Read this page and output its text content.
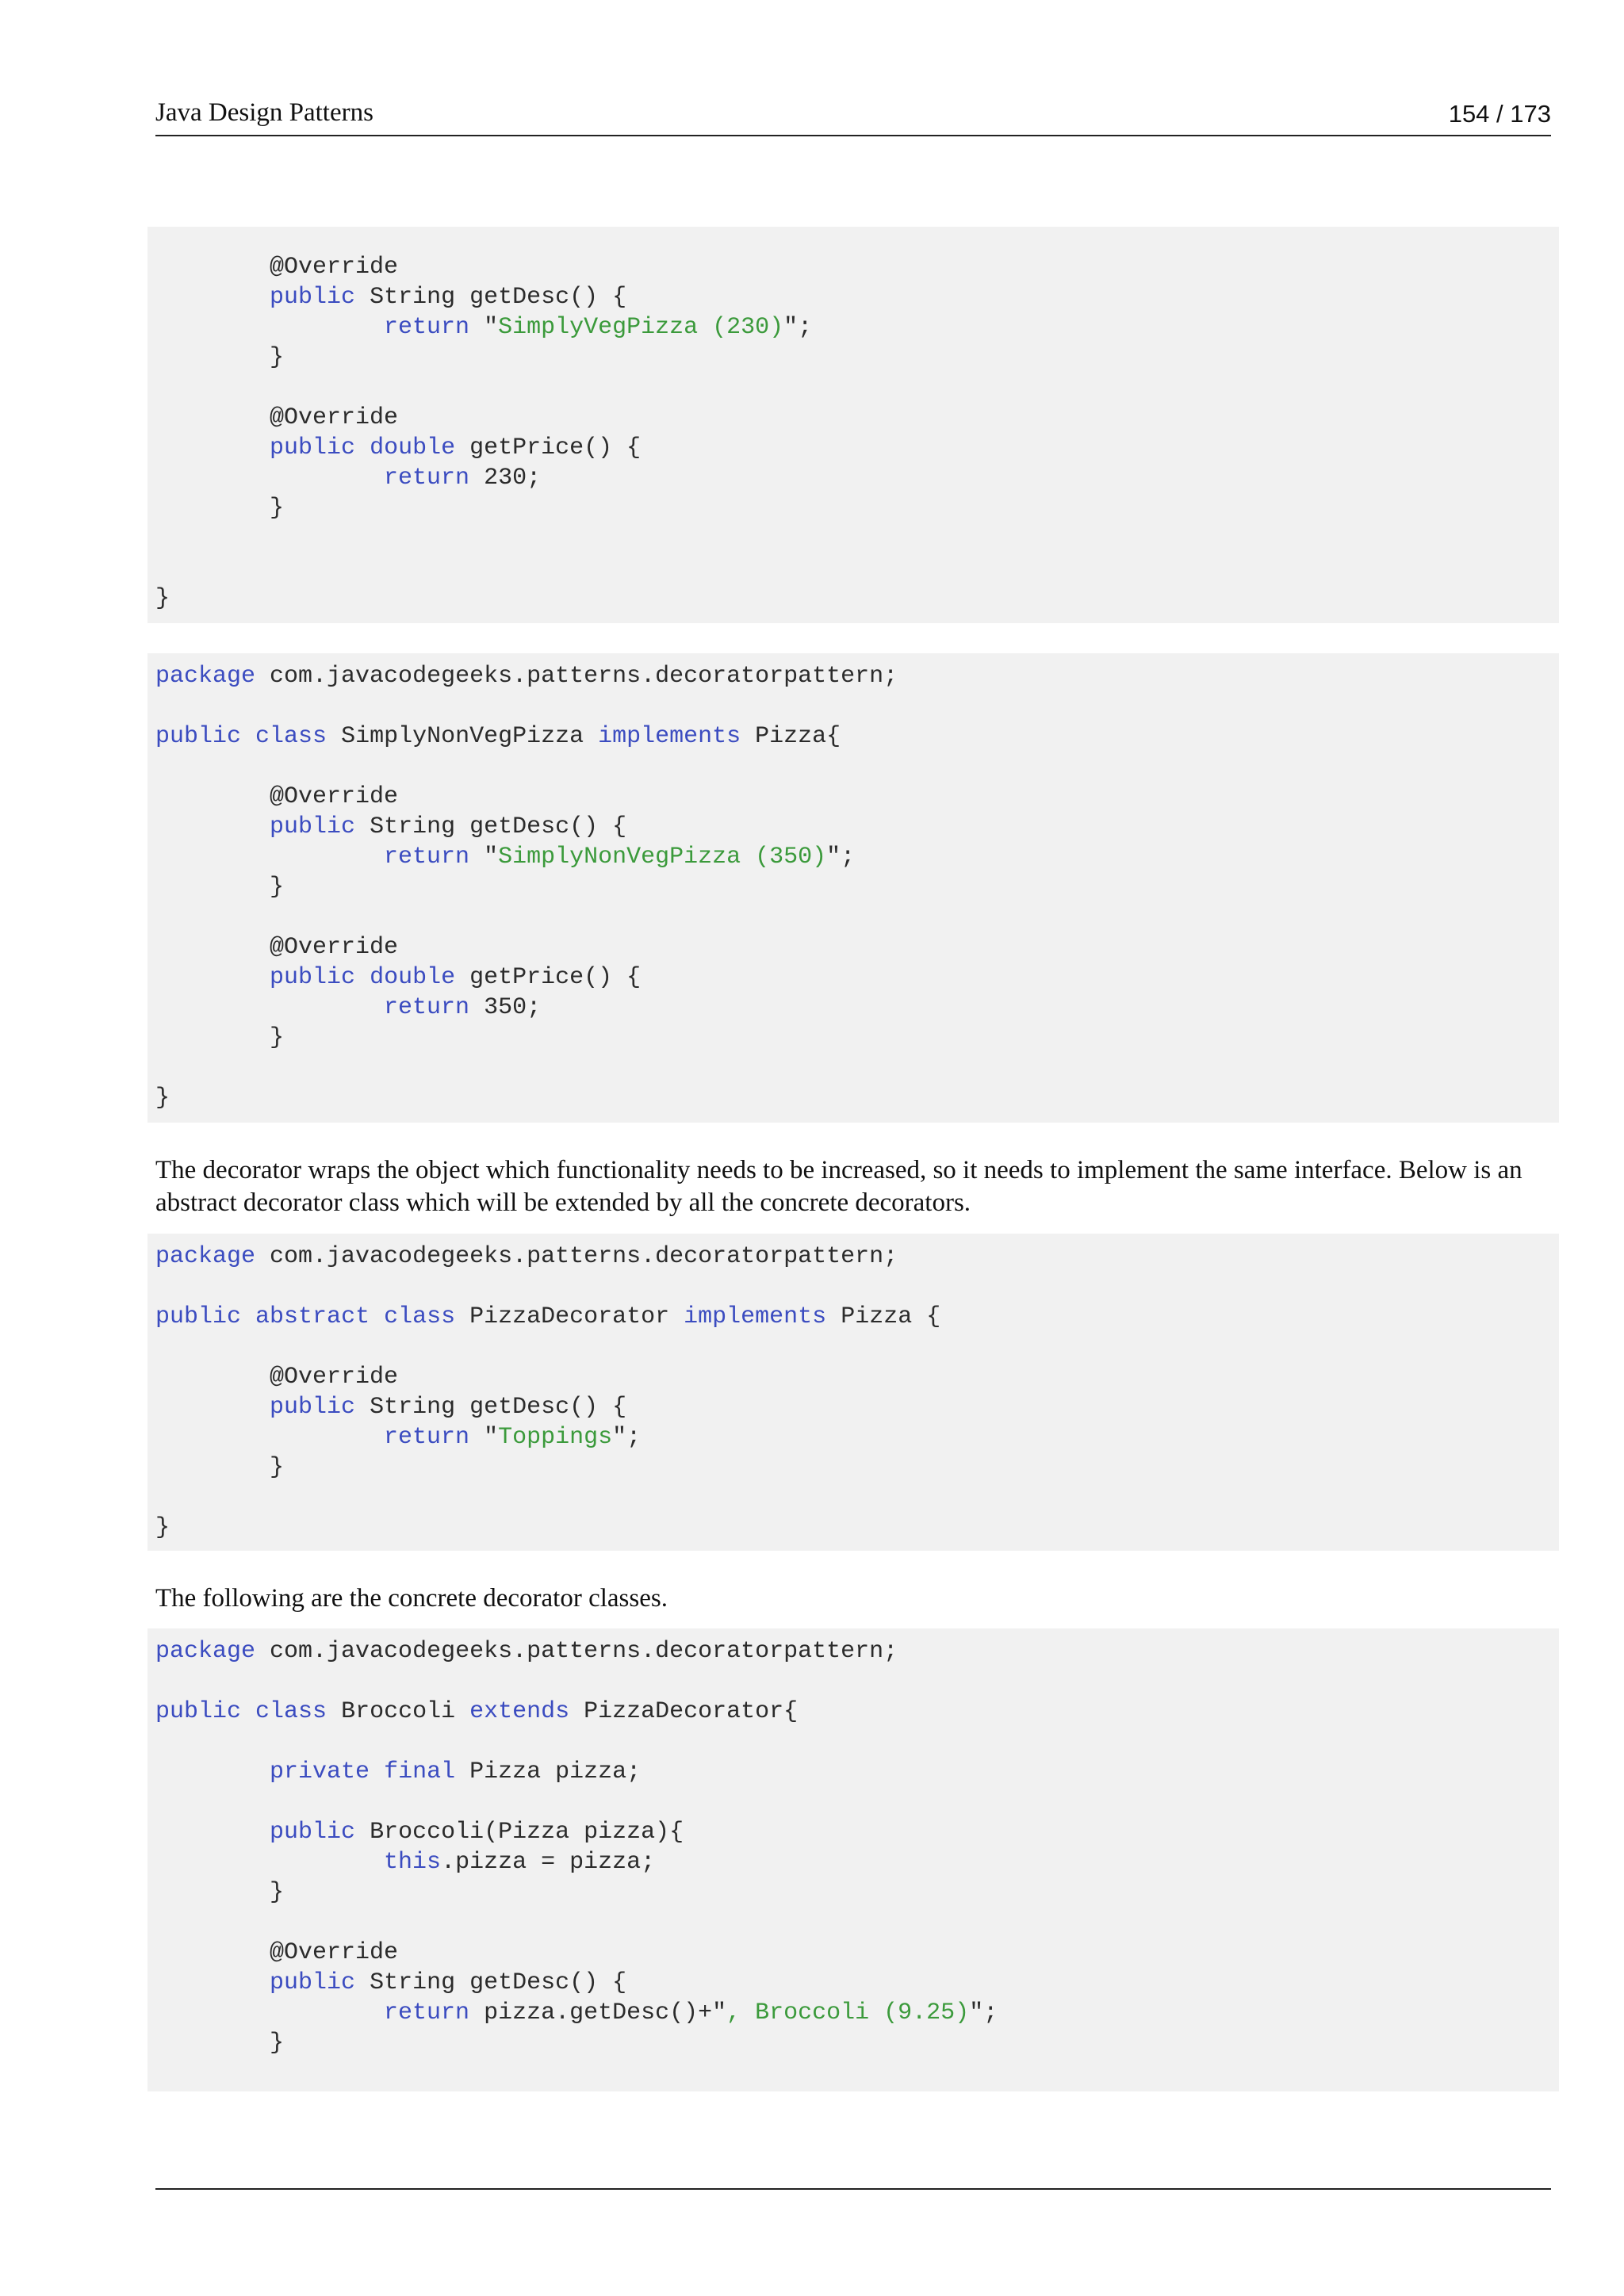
Java Design Patterns	154 / 173
@Override
public String getDesc() {
return "SimplyVegPizza (230)";
}
@Override
public double getPrice() {
return 230;
}
}
package com.javacodegeeks.patterns.decoratorpattern;
public class SimplyNonVegPizza implements Pizza{
@Override
public String getDesc() {
return "SimplyNonVegPizza (350)";
}
@Override
public double getPrice() {
return 350;
}
}
The decorator wraps the object which functionality needs to be increased, so it needs to implement the same interface. Below is an abstract decorator class which will be extended by all the concrete decorators.
package com.javacodegeeks.patterns.decoratorpattern;
public abstract class PizzaDecorator implements Pizza {
@Override
public String getDesc() {
return "Toppings";
}
}
The following are the concrete decorator classes.
package com.javacodegeeks.patterns.decoratorpattern;
public class Broccoli extends PizzaDecorator{
private final Pizza pizza;
public Broccoli(Pizza pizza){
this.pizza = pizza;
}
@Override
public String getDesc() {
return pizza.getDesc()+", Broccoli (9.25)";
}
